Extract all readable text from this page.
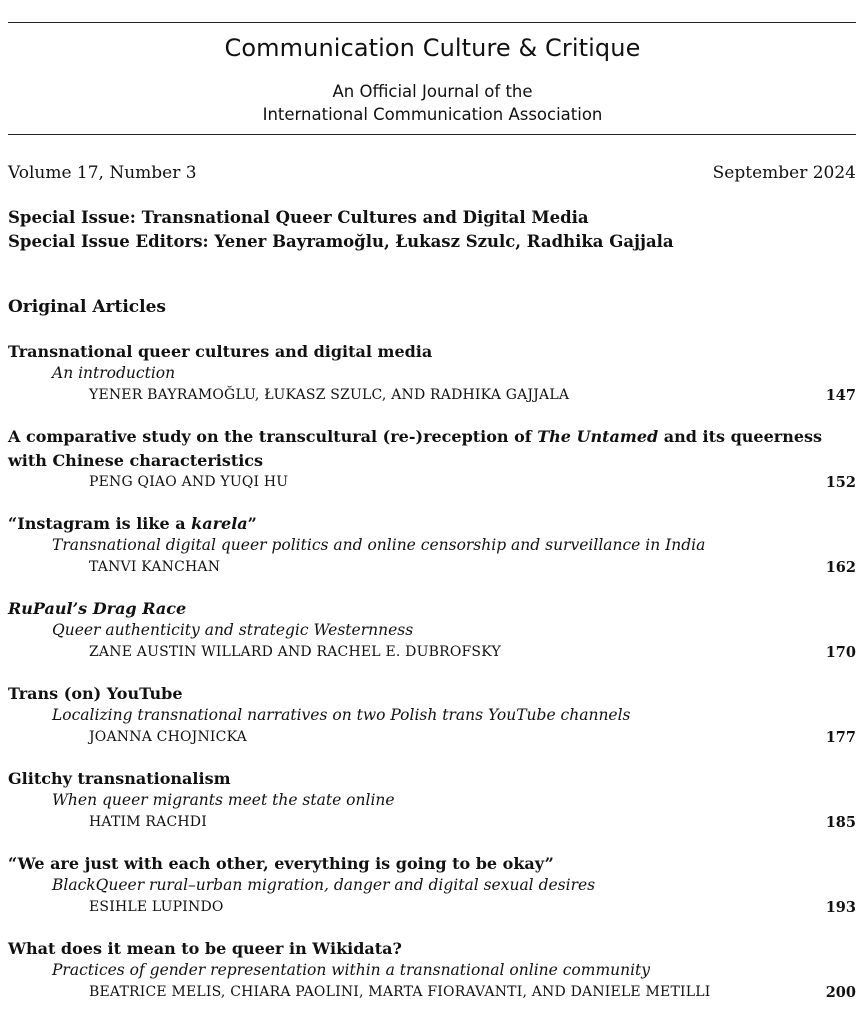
Communication Culture & Critique
An Official Journal of the
International Communication Association
Volume 17, Number 3	September 2024
Special Issue: Transnational Queer Cultures and Digital Media
Special Issue Editors: Yener Bayramoğlu, Łukasz Szulc, Radhika Gajjala
Original Articles
Transnational queer cultures and digital media
An introduction
YENER BAYRAMOĞLU, ŁUKASZ SZULC, AND RADHIKA GAJJALA	147
A comparative study on the transcultural (re-)reception of The Untamed and its queerness with Chinese characteristics
PENG QIAO AND YUQI HU	152
“Instagram is like a karela”
Transnational digital queer politics and online censorship and surveillance in India
TANVI KANCHAN	162
RuPaul’s Drag Race
Queer authenticity and strategic Westernness
ZANE AUSTIN WILLARD AND RACHEL E. DUBROFSKY	170
Trans (on) YouTube
Localizing transnational narratives on two Polish trans YouTube channels
JOANNA CHOJNICKA	177
Glitchy transnationalism
When queer migrants meet the state online
HATIM RACHDI	185
“We are just with each other, everything is going to be okay”
BlackQueer rural–urban migration, danger and digital sexual desires
ESIHLE LUPINDO	193
What does it mean to be queer in Wikidata?
Practices of gender representation within a transnational online community
BEATRICE MELIS, CHIARA PAOLINI, MARTA FIORAVANTI, AND DANIELE METILLI	200
